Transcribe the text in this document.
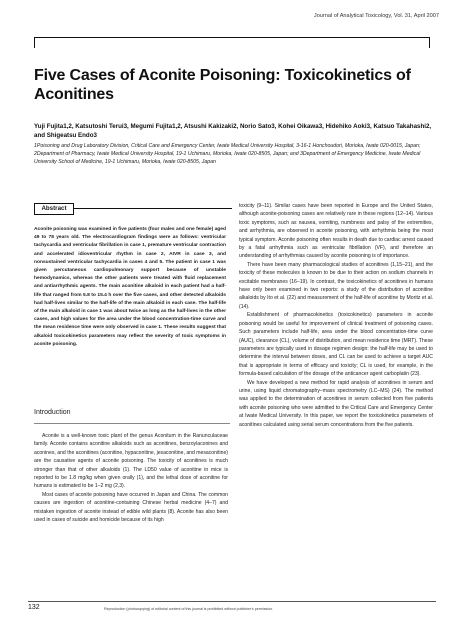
Journal of Analytical Toxicology, Vol. 31, April 2007
Five Cases of Aconite Poisoning: Toxicokinetics of Aconitines

Yuji Fujita1,2, Katsutoshi Terui3, Megumi Fujita1,2, Atsushi Kakizaki2, Norio Sato3, Kohei Oikawa3, Hidehiko Aoki3, Katsuo Takahashi2, and Shigeatsu Endo3

1Poisoning and Drug Laboratory Division, Critical Care and Emergency Center, Iwate Medical University Hospital, 3-16-1 Honchoudori, Morioka, Iwate 020-0015, Japan; 2Department of Pharmacy, Iwate Medical University Hospital, 19-1 Uchimaru, Morioka, Iwate 020-8505, Japan; and 3Department of Emergency Medicine, Iwate Medical University School of Medicine, 19-1 Uchimaru, Morioka, Iwate 020-8505, Japan

Abstract

Aconite poisoning was examined in five patients (four males and one female) aged 49 to 78 years old. The electrocardiogram findings were as follows: ventricular tachycardia and ventricular fibrillation in case 1, premature ventricular contraction and accelerated idioventricular rhythm in case 2, AIVR in case 3, and nonsustained ventricular tachycardia in cases 4 and 5. The patient in case 1 was given percutaneous cardiopulmonary support because of unstable hemodynamics, whereas the other patients were treated with fluid replacement and antiarrhythmic agents. The main aconitine alkaloid in each patient had a half-life that ranged from 5.8 to 15.4 h over the five cases, and other detected alkaloids had half-lives similar to the half-life of the main alkaloid in each case. The half-life of the main alkaloid in case 1 was about twice as long as the half-lives in the other cases, and high values for the area under the blood concentration-time curve and the mean residence time were only observed in case 1. These results suggest that alkaloid toxicokinetics parameters may reflect the severity of toxic symptoms in aconite poisoning.

Introduction

Aconite is a well-known toxic plant of the genus Aconitum in the Ranunculaceae family. Aconite contains aconitine alkaloids such as aconitines, benzoylaconines and aconines, and the aconitines (aconitine, hypaconitine, jesaconitine, and mesaconitine) are the causative agents of aconite poisoning. The toxicity of aconitines is much stronger than that of other alkaloids (1). The LD50 value of aconitine in mice is reported to be 1.8 mg/kg when given orally (1), and the lethal dose of aconitine for humans is estimated to be 1–2 mg (2,3).

Most cases of aconite poisoning have occurred in Japan and China. The common causes are ingestion of aconitine-containing Chinese herbal medicine (4–7) and mistaken ingestion of aconite instead of edible wild plants (8). Aconite has also been used in cases of suicide and homicide because of its high

toxicity (9–11). Similar cases have been reported in Europe and the United States, although aconite-poisoning cases are relatively rare in these regions (12–14). Various toxic symptoms, such as nausea, vomiting, numbness and palsy of the extremities, and arrhythmia, are observed in aconite poisoning, with arrhythmia being the most typical symptom. Aconite poisoning often results in death due to cardiac arrest caused by a fatal arrhythmia such as ventricular fibrillation (VF), and therefore an understanding of arrhythmias caused by aconite poisoning is of importance.

There have been many pharmacological studies of aconitines (1,15–21), and the toxicity of these molecules is known to be due to their action on sodium channels in excitable membranes (16–19). In contrast, the toxicokinetics of aconitines in humans have only been examined in two reports: a study of the distribution of aconitine alkaloids by Ito et al. (22) and measurement of the half-life of aconitine by Moritz et al. (14).

Establishment of pharmacokinetics (toxicokinetics) parameters in aconite poisoning would be useful for improvement of clinical treatment of poisoning cases. Such parameters include half-life, area under the blood concentration-time curve (AUC), clearance (CL), volume of distribution, and mean residence time (MRT). These parameters are typically used in dosage regimen design: the half-life may be used to determine the interval between doses, and CL can be used to achieve a target AUC that is appropriate in terms of efficacy and toxicity; CL is used, for example, in the formula-based calculation of the dosage of the anticancer agent carboplatin (23).

We have developed a new method for rapid analysis of aconitines in serum and urine, using liquid chromatography–mass spectrometry (LC–MS) (24). The method was applied to the determination of aconitines in serum collected from five patients with aconite poisoning who were admitted to the Critical Care and Emergency Center at Iwate Medical University. In this paper, we report the toxicokinetics parameters of aconitines calculated using serial serum concentrations from the five patients.

132	Reproduction (photocopying) of editorial content of this journal is prohibited without publisher's permission.
